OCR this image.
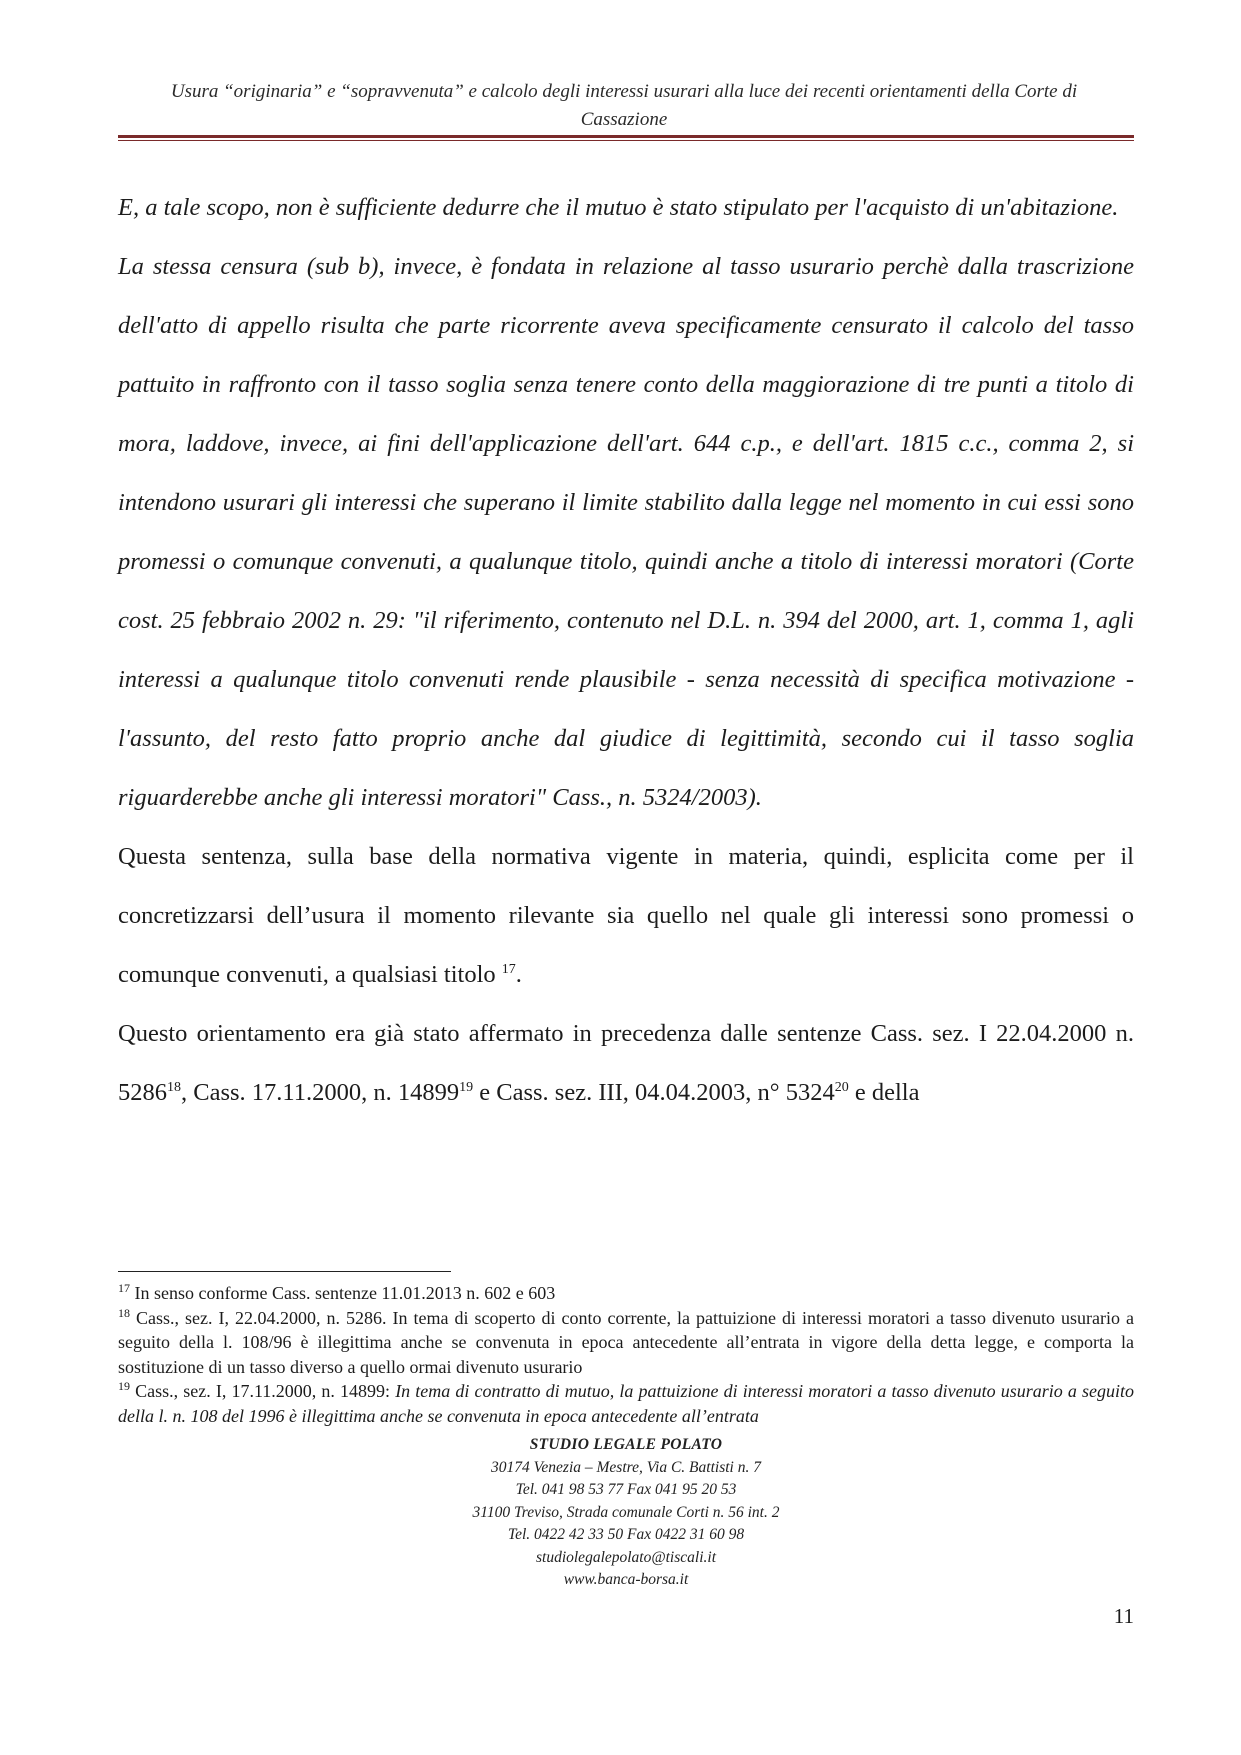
Usura “originaria” e “sopravvenuta” e calcolo degli interessi usurari alla luce dei recenti orientamenti della Corte di
Cassazione

E, a tale scopo, non è sufficiente dedurre che il mutuo è stato stipulato per l'acquisto di un'abitazione.

La stessa censura (sub b), invece, è fondata in relazione al tasso usurario perchè dalla trascrizione dell'atto di appello risulta che parte ricorrente aveva specificamente censurato il calcolo del tasso pattuito in raffronto con il tasso soglia senza tenere conto della maggiorazione di tre punti a titolo di mora, laddove, invece, ai fini dell'applicazione dell'art. 644 c.p., e dell'art. 1815 c.c., comma 2, si intendono usurari gli interessi che superano il limite stabilito dalla legge nel momento in cui essi sono promessi o comunque convenuti, a qualunque titolo, quindi anche a titolo di interessi moratori (Corte cost. 25 febbraio 2002 n. 29: "il riferimento, contenuto nel D.L. n. 394 del 2000, art. 1, comma 1, agli interessi a qualunque titolo convenuti rende plausibile - senza necessità di specifica motivazione - l'assunto, del resto fatto proprio anche dal giudice di legittimità, secondo cui il tasso soglia riguarderebbe anche gli interessi moratori" Cass., n. 5324/2003).

Questa sentenza, sulla base della normativa vigente in materia, quindi, esplicita come per il concretizzarsi dell’usura il momento rilevante sia quello nel quale gli interessi sono promessi o comunque convenuti, a qualsiasi titolo $^{17}$.

Questo orientamento era già stato affermato in precedenza dalle sentenze Cass. sez. I 22.04.2000 n. 5286$^{18}$, Cass. 17.11.2000, n. 14899$^{19}$ e Cass. sez. III, 04.04.2003, n° 5324$^{20}$ e della

$^{17}$ In senso conforme Cass. sentenze 11.01.2013 n. 602 e 603

$^{18}$ Cass., sez. I, 22.04.2000, n. 5286. In tema di scoperto di conto corrente, la pattuizione di interessi moratori a tasso divenuto usurario a seguito della l. 108/96 è illegittima anche se convenuta in epoca antecedente all’entrata in vigore della detta legge, e comporta la sostituzione di un tasso diverso a quello ormai divenuto usurario

$^{19}$ Cass., sez. I, 17.11.2000, n. 14899: In tema di contratto di mutuo, la pattuizione di interessi moratori a tasso divenuto usurario a seguito della l. n. 108 del 1996 è illegittima anche se convenuta in epoca antecedente all’entrata

STUDIO LEGALE POLATO
30174 Venezia – Mestre, Via C. Battisti n. 7
Tel. 041 98 53 77 Fax 041 95 20 53
31100 Treviso, Strada comunale Corti n. 56 int. 2
Tel. 0422 42 33 50 Fax 0422 31 60 98
studiolegalepolato@tiscali.it
www.banca-borsa.it
11
